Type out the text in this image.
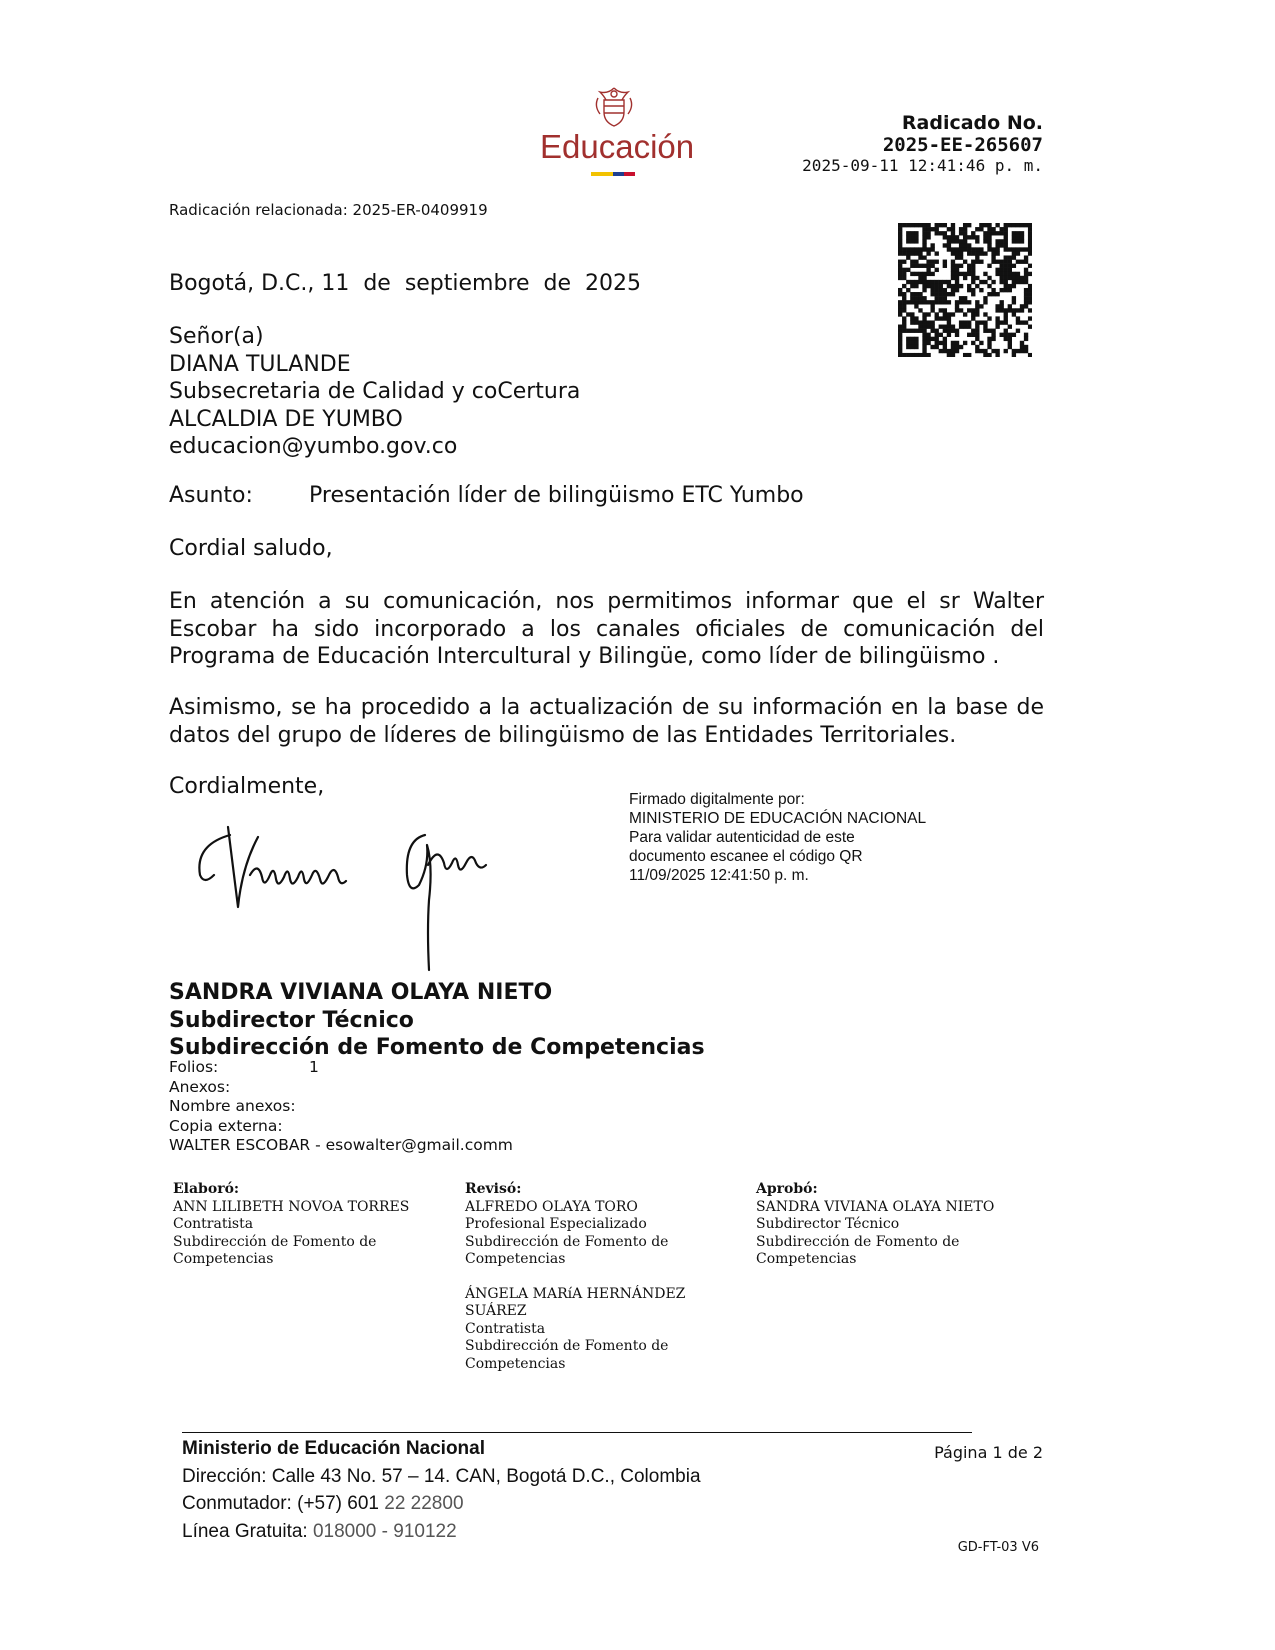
Educación
Radicado No.
2025-EE-265607
2025-09-11 12:41:46 p. m.
Radicación relacionada: 2025-ER-0409919
Bogotá, D.C., 11  de  septiembre  de  2025
Señor(a)
DIANA TULANDE
Subsecretaria de Calidad y coCertura
ALCALDIA DE YUMBO
educacion@yumbo.gov.co
Asunto:	Presentación líder de bilingüismo ETC Yumbo
Cordial saludo,
En atención a su comunicación, nos permitimos informar que el sr Walter Escobar ha sido incorporado a los canales oficiales de comunicación del Programa de Educación Intercultural y Bilingüe, como líder de bilingüismo .
Asimismo, se ha procedido a la actualización de su información en la base de datos del grupo de líderes de bilingüismo de las Entidades Territoriales.
Cordialmente,
Firmado digitalmente por:
MINISTERIO DE EDUCACIÓN NACIONAL
Para validar autenticidad de este
documento escanee el código QR
11/09/2025 12:41:50 p. m.
SANDRA VIVIANA OLAYA NIETO
Subdirector Técnico
Subdirección de Fomento de Competencias
Folios:	1
Anexos:
Nombre anexos:
Copia externa:
WALTER ESCOBAR - esowalter@gmail.comm
Elaboró:
ANN LILIBETH NOVOA TORRES
Contratista
Subdirección de Fomento de
Competencias
Revisó:
ALFREDO OLAYA TORO
Profesional Especializado
Subdirección de Fomento de
Competencias
ÁNGELA MARíA HERNÁNDEZ SUÁREZ
Contratista
Subdirección de Fomento de
Competencias
Aprobó:
SANDRA VIVIANA OLAYA NIETO
Subdirector Técnico
Subdirección de Fomento de
Competencias
Ministerio de Educación Nacional
Dirección: Calle 43 No. 57 – 14. CAN, Bogotá D.C., Colombia
Conmutador: (+57) 601 22 22800
Línea Gratuita: 018000 - 910122
Página 1 de 2
GD-FT-03 V6
